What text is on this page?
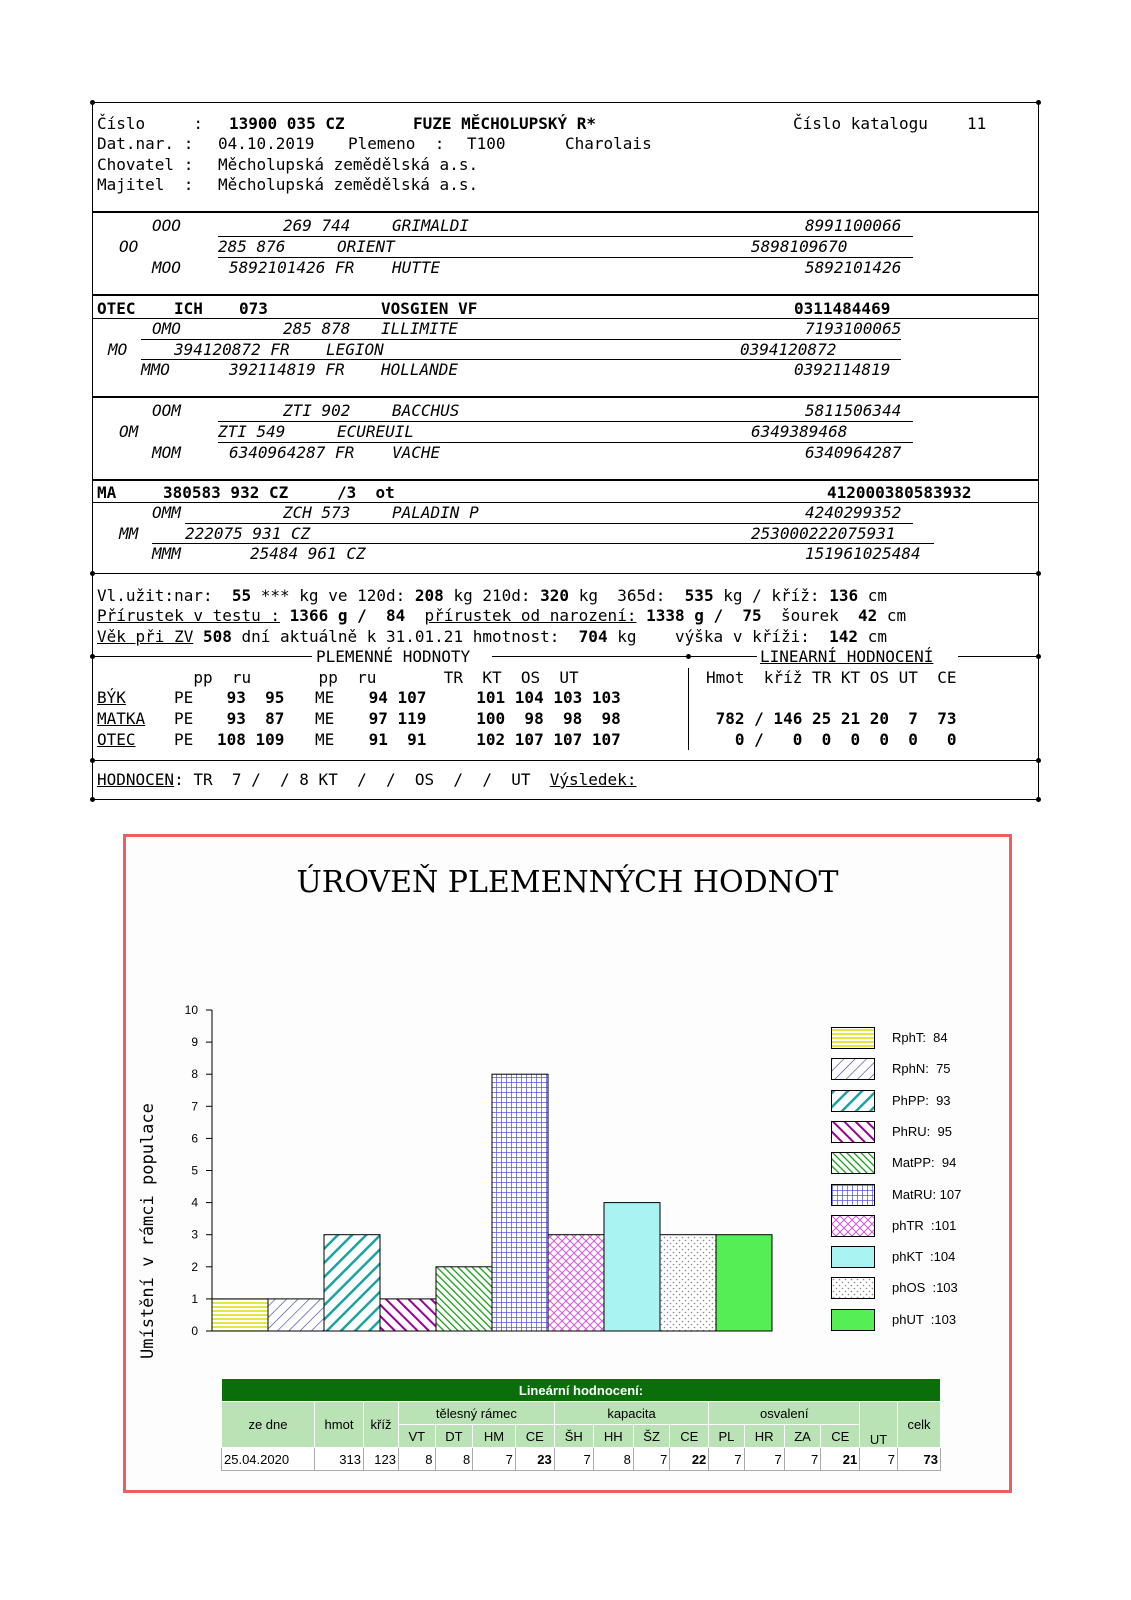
Číslo     : 13900 035 CZ	FUZE MĚCHOLUPSKÝ R*	Číslo katalogu 11
Dat.nar. : 04.10.2019 Plemeno  : T100	Charolais
Chovatel : Měcholupská zemědělská a.s.
Majitel  : Měcholupská zemědělská a.s.
OOO	269 744	GRIMALDI	8991100066
OO	285 876	ORIENT	5898109670
MOO	5892101426 FR HUTTE	5892101426
OTEC ICH 073	VOSGIEN VF	0311484469
OMO	285 878 ILLIMITE	7193100065
MO	394120872 FR LEGION	0394120872
MMO	392114819 FR HOLLANDE	0392114819
OOM	ZTI 902	BACCHUS	5811506344
OM	ZTI 549	ECUREUIL	6349389468
MOM	6340964287 FR VACHE	6340964287
MA	380583 932 CZ	/3  ot	412000380583932
OMM	ZCH 573	PALADIN P	4240299352
MM	222075 931 CZ	253000222075931
MMM	25484 961 CZ	151961025484
Vl.užit:nar: 55 *** kg ve 120d: 208 kg 210d: 320 kg  365d: 535 kg / kříž: 136 cm
Přírustek v testu : 1366 g /  84 přírustek od narození: 1338 g /  75 šourek 42 cm
Věk při ZV 508 dní aktuálně k 31.01.21 hmotnost: 704 kg    výška v kříži: 142 cm
PLEMENNÉ HODNOTY	LINEARNÍ HODNOCENÍ
pp  ru       pp  ru       TR  KT  OS  UT	Hmot  kříž TR KT OS UT  CE
BÝK	PE 93  95 ME 94 107 101 104 103 103
MATKA PE 93  87 ME 97 119 100  98  98  98	782 / 146 25 21 20  7  73
OTEC PE 108 109 ME 91  91 102 107 107 107	0 /   0  0  0  0  0   0
HODNOCEN: TR  7 /  / 8 KT  /  /  OS  /  /  UT Výsledek:
ÚROVEŇ PLEMENNÝCH HODNOT
0
1
2
3
4
5
6
7
8
9
10
Umístění v rámci populace
RphT:  84
RphN:  75
PhPP:  93
PhRU:  95
MatPP:  94
MatRU: 107
phTR  :101
phKT  :104
phOS  :103
phUT  :103
Lineární hodnocení:																
ze dne	hmot	kříž	tělesný rámec				kapacita				osvalení				UT	celk
			VT	DT	HM	CE	ŠH	HH	ŠZ	CE	PL	HR	ZA	CE		
25.04.2020	313	123	8	8	7	23	7	8	7	22	7	7	7	21	7	73
